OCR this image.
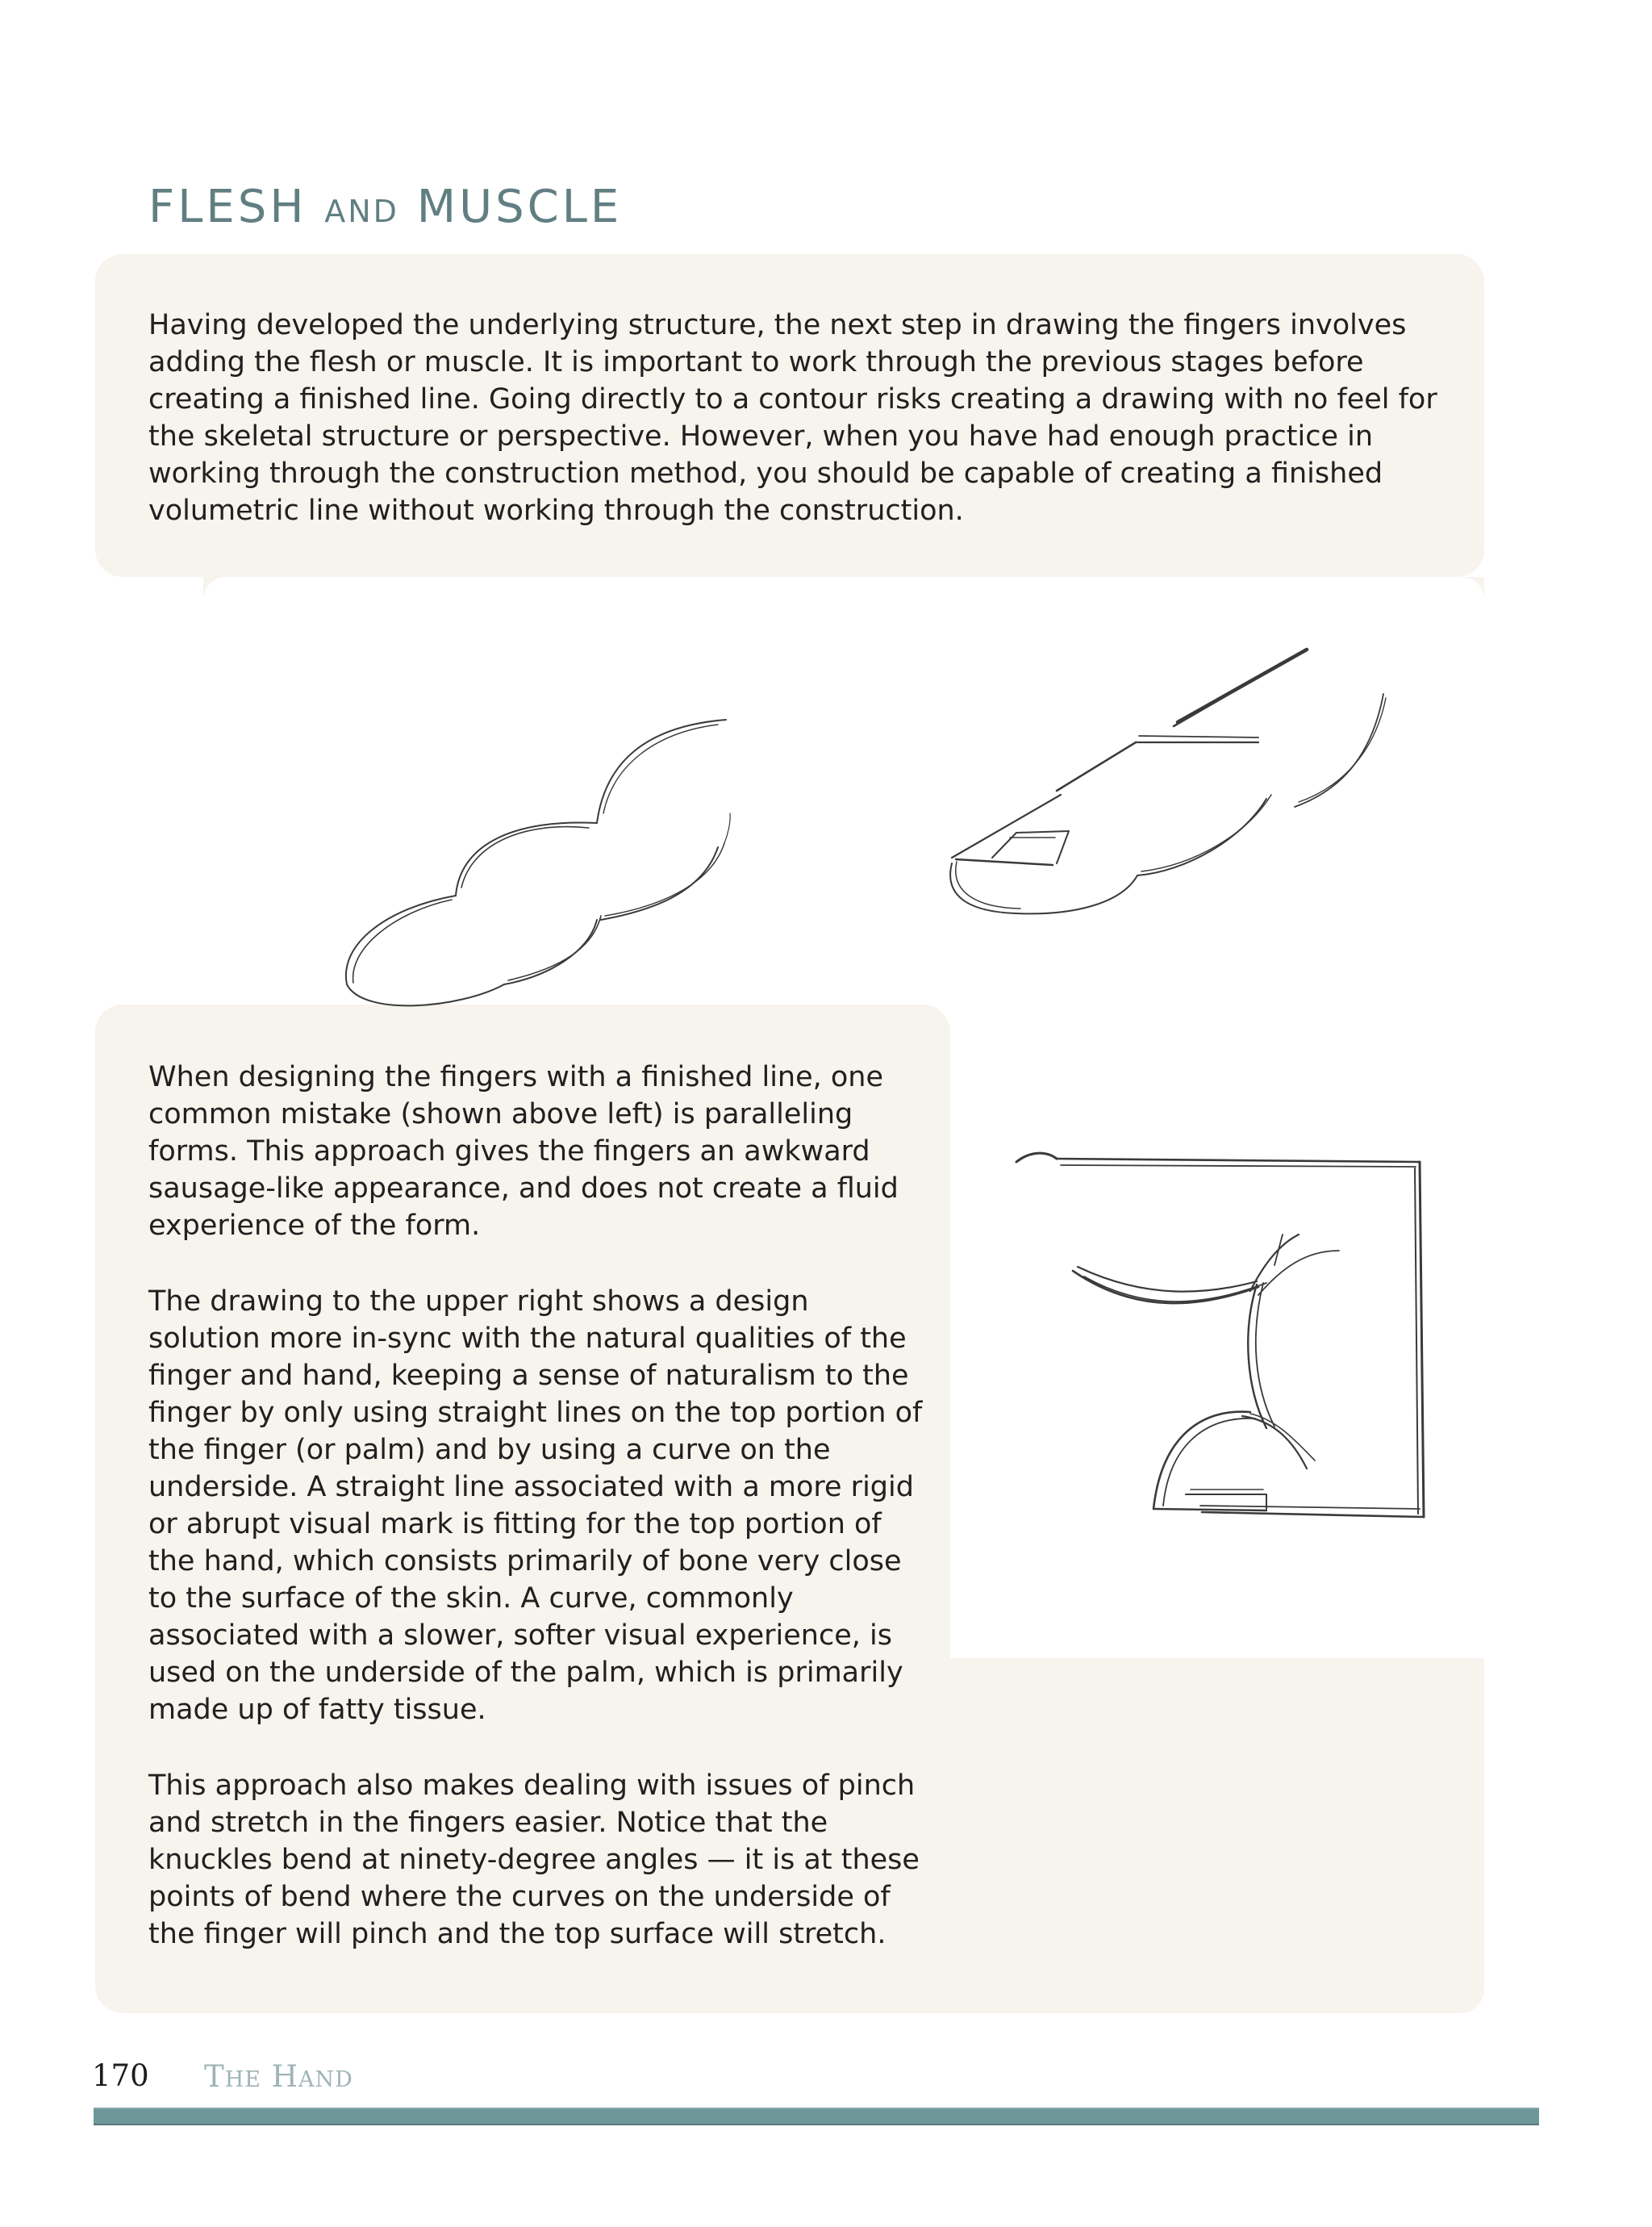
FLESH AND MUSCLE

Having developed the underlying structure, the next step in drawing the fingers involves adding the flesh or muscle. It is important to work through the previous stages before creating a finished line. Going directly to a contour risks creating a drawing with no feel for the skeletal structure or perspective. However, when you have had enough practice in working through the construction method, you should be capable of creating a finished volumetric line without working through the construction.

When designing the fingers with a finished line, one common mistake (shown above left) is paralleling forms. This approach gives the fingers an awkward sausage-like appearance, and does not create a fluid experience of the form.

The drawing to the upper right shows a design solution more in-sync with the natural qualities of the finger and hand, keeping a sense of naturalism to the finger by only using straight lines on the top portion of the finger (or palm) and by using a curve on the underside. A straight line associated with a more rigid or abrupt visual mark is fitting for the top portion of the hand, which consists primarily of bone very close to the surface of the skin. A curve, commonly associated with a slower, softer visual experience, is used on the underside of the palm, which is primarily made up of fatty tissue.

This approach also makes dealing with issues of pinch and stretch in the fingers easier. Notice that the knuckles bend at ninety-degree angles — it is at these points of bend where the curves on the underside of the finger will pinch and the top surface will stretch.

170 THE HAND
